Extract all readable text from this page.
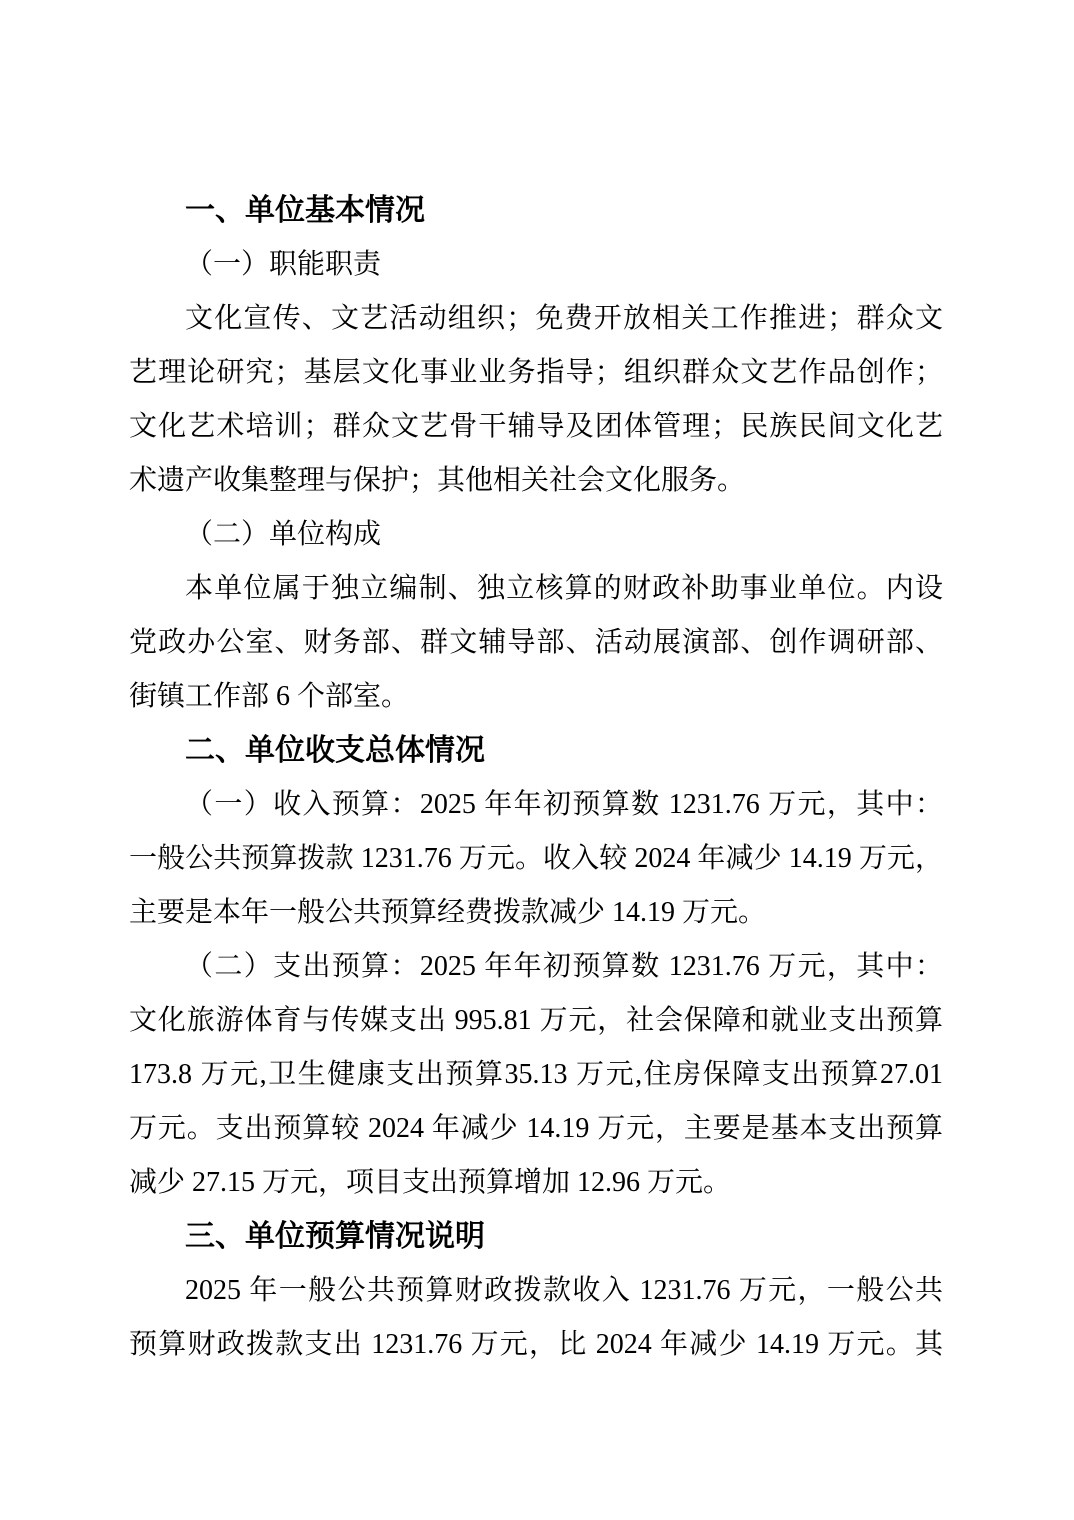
一、单位基本情况
（一）职能职责
文化宣传、文艺活动组织；免费开放相关工作推进；群众文
艺理论研究；基层文化事业业务指导；组织群众文艺作品创作；
文化艺术培训；群众文艺骨干辅导及团体管理；民族民间文化艺
术遗产收集整理与保护；其他相关社会文化服务。
（二）单位构成
本单位属于独立编制、独立核算的财政补助事业单位。内设
党政办公室、财务部、群文辅导部、活动展演部、创作调研部、
街镇工作部 6 个部室。
二、单位收支总体情况
（一）收入预算：2025 年年初预算数 1231.76 万元，其中：
一般公共预算拨款 1231.76 万元。收入较 2024 年减少 14.19 万元，
主要是本年一般公共预算经费拨款减少 14.19 万元。
（二）支出预算：2025 年年初预算数 1231.76 万元，其中：
文化旅游体育与传媒支出 995.81 万元，社会保障和就业支出预算
173.8 万元,卫生健康支出预算35.13 万元,住房保障支出预算27.01
万元。支出预算较 2024 年减少 14.19 万元，主要是基本支出预算
减少 27.15 万元，项目支出预算增加 12.96 万元。
三、单位预算情况说明
2025 年一般公共预算财政拨款收入 1231.76 万元，一般公共
预算财政拨款支出 1231.76 万元，比 2024 年减少 14.19 万元。其
